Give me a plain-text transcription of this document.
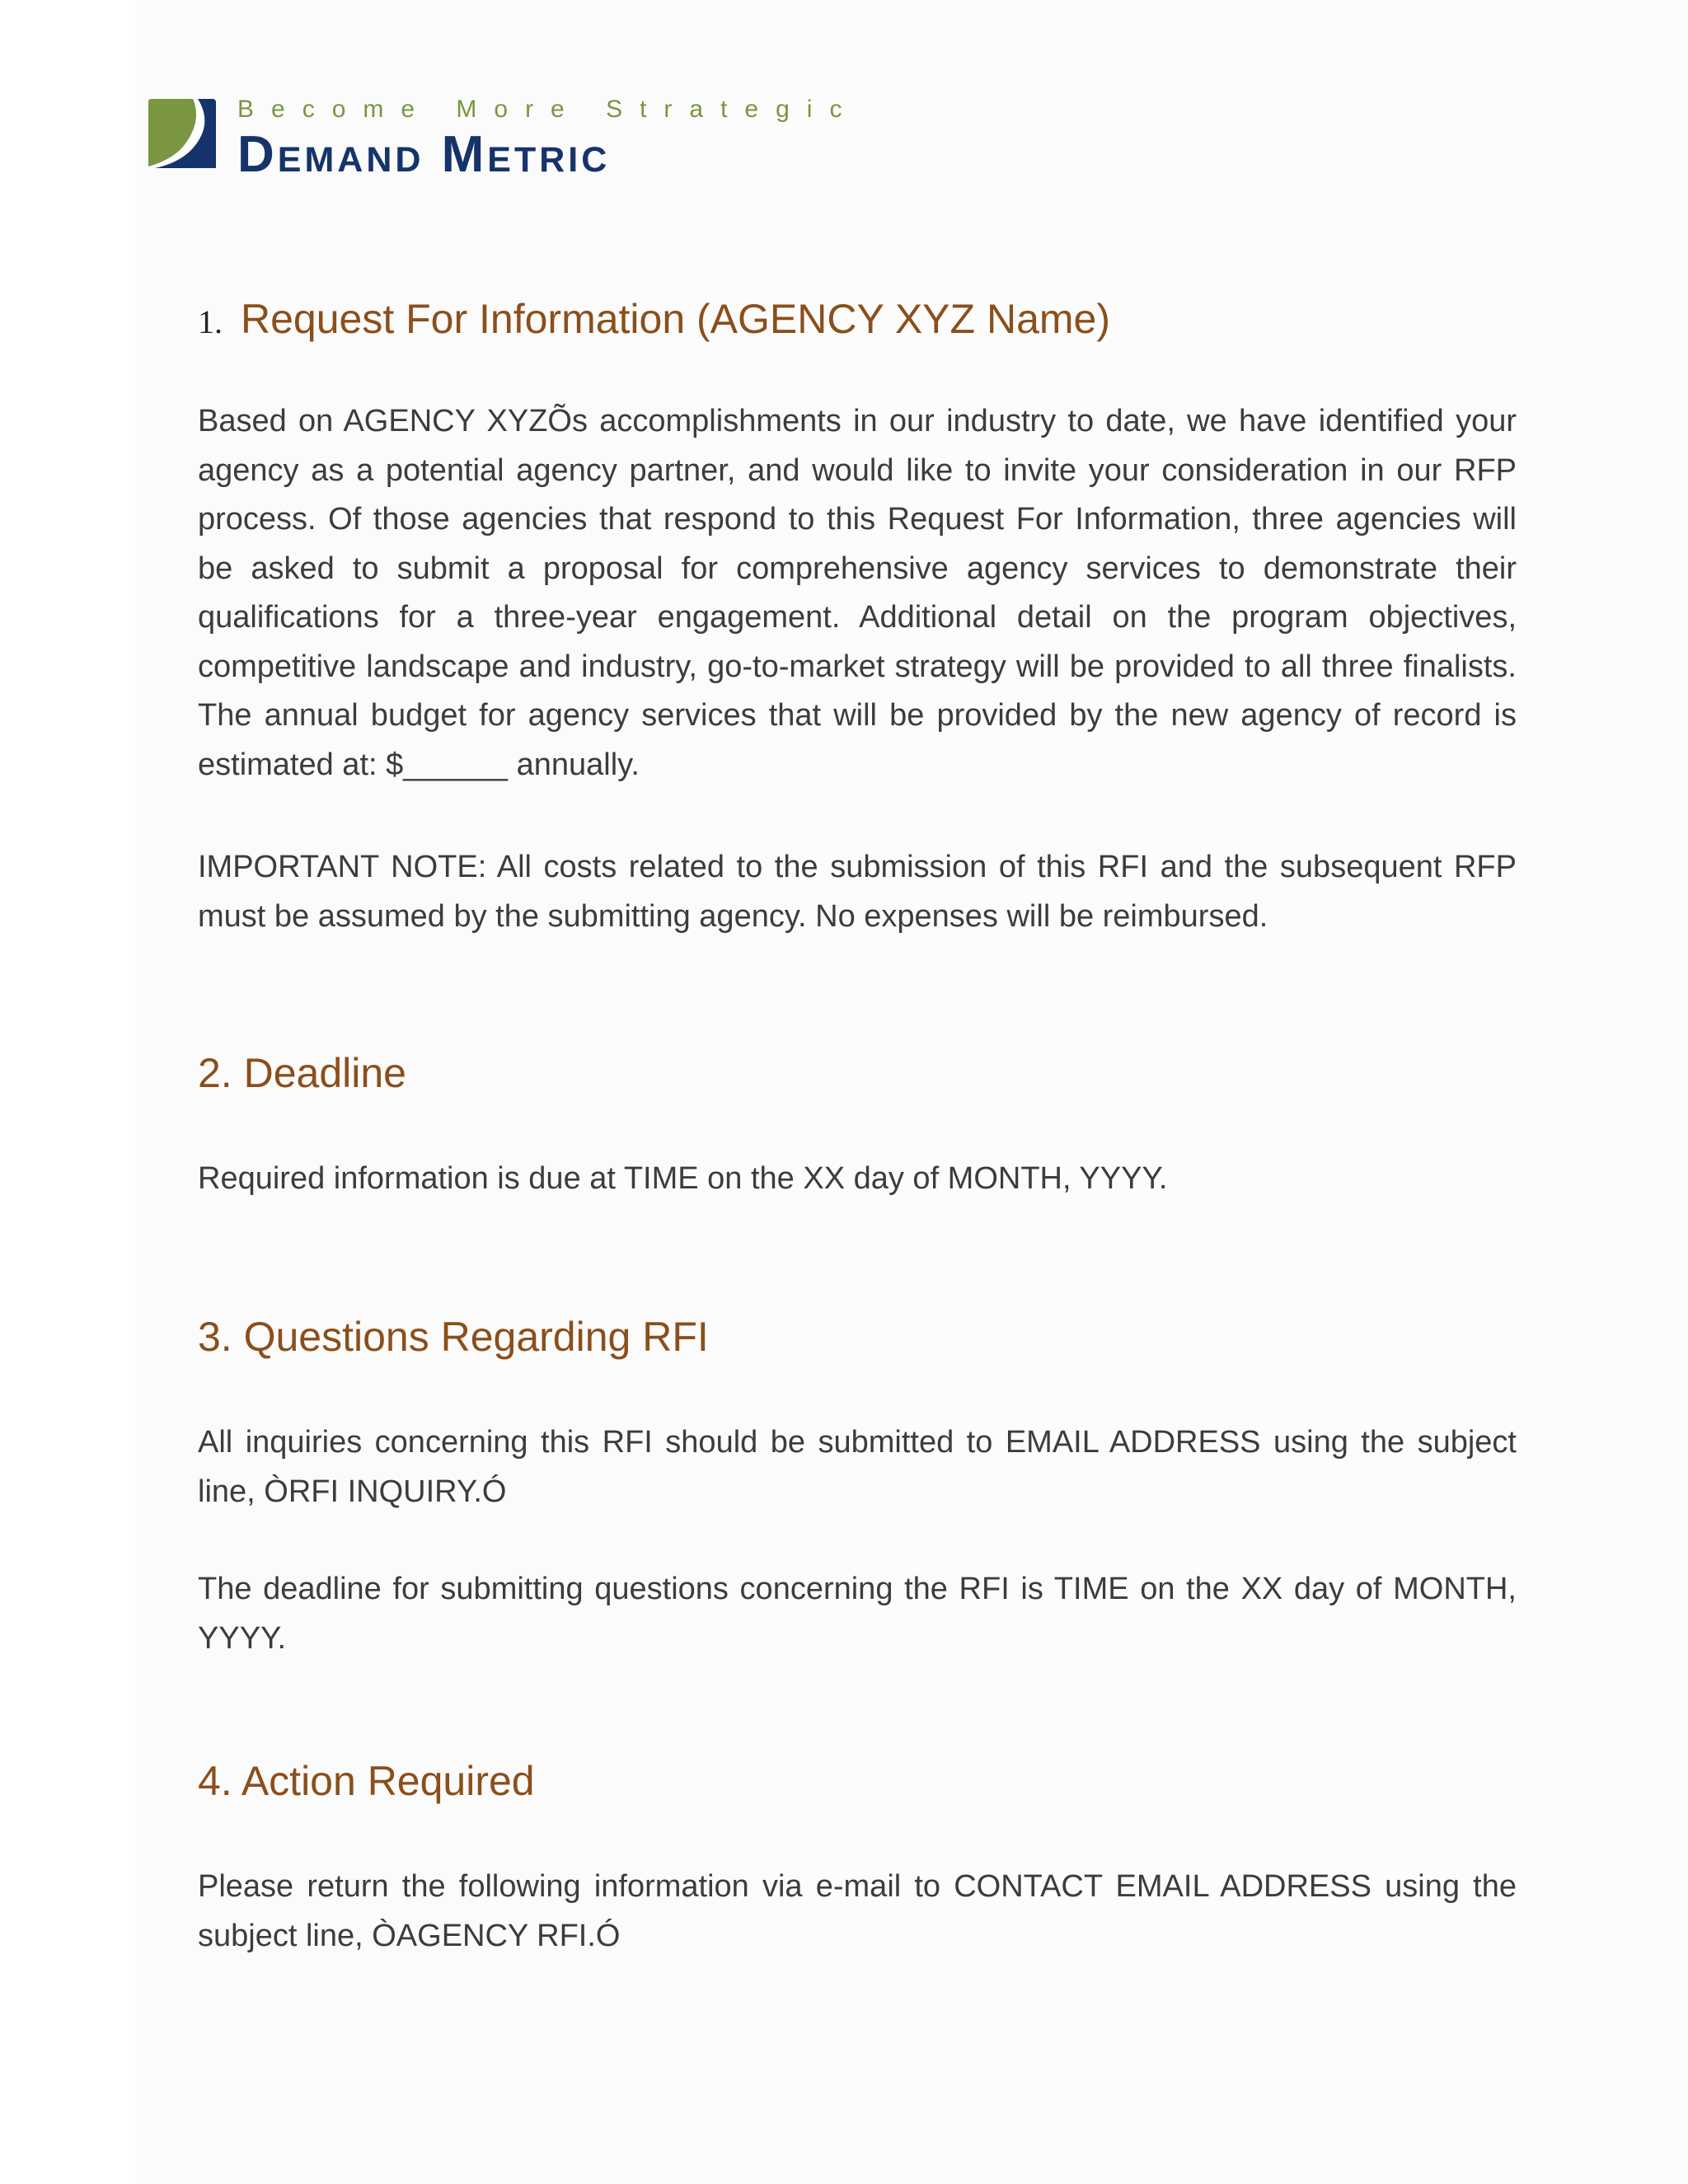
Become More Strategic
Demand Metric
1. Request For Information (AGENCY XYZ Name)

Based on AGENCY XYZÕs accomplishments in our industry to date, we have identified your agency as a potential agency partner, and would like to invite your consideration in our RFP process. Of those agencies that respond to this Request For Information, three agencies will be asked to submit a proposal for comprehensive agency services to demonstrate their qualifications for a three-year engagement. Additional detail on the program objectives, competitive landscape and industry, go-to-market strategy will be provided to all three finalists. The annual budget for agency services that will be provided by the new agency of record is estimated at: $______ annually.

IMPORTANT NOTE: All costs related to the submission of this RFI and the subsequent RFP must be assumed by the submitting agency. No expenses will be reimbursed.

2. Deadline

Required information is due at TIME on the XX day of MONTH, YYYY.

3. Questions Regarding RFI

All inquiries concerning this RFI should be submitted to EMAIL ADDRESS using the subject line, ÒRFI INQUIRY.Ó

The deadline for submitting questions concerning the RFI is TIME on the XX day of MONTH, YYYY.

4. Action Required

Please return the following information via e-mail to CONTACT EMAIL ADDRESS using the subject line, ÒAGENCY RFI.Ó
